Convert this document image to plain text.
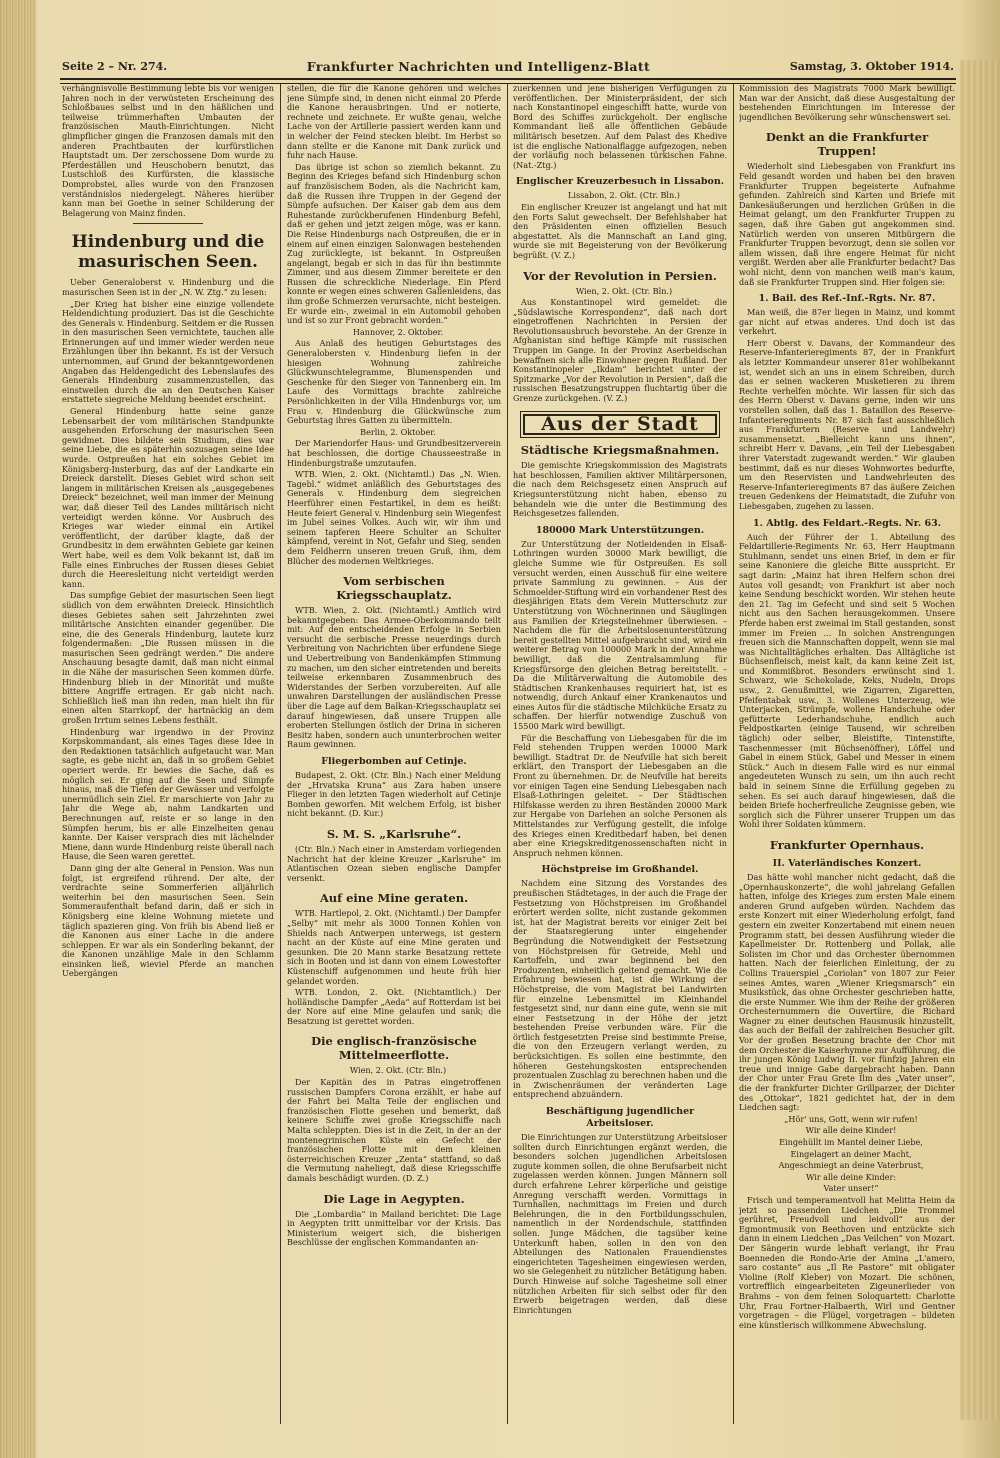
Seite 2 – Nr. 274.	Frankfurter Nachrichten und Intelligenz-Blatt	Samstag, 3. Oktober 1914.

verhängnisvolle Bestimmung lebte bis vor wenigen Jahren noch in der verwüsteten Erscheinung des Schloßbaues selbst und in den häßlichen und teilweise trümmerhaften Umbauten der französischen Mauth-Einrichtungen. Nicht glimpflicher gingen die Franzosen damals mit den anderen Prachtbauten der kurfürstlichen Hauptstadt um. Der zerschossene Dom wurde zu Pferdeställen und Heuschobern benutzt, das Lustschloß des Kurfürsten, die klassische Domprobstei, alles wurde von den Franzosen verständnislos niedergelegt. Näheres hierüber kann man bei Goethe in seiner Schilderung der Belagerung von Mainz finden.

Hindenburg und die masurischen Seen.

Ueber Generaloberst v. Hindenburg und die masurischen Seen ist in der „N. W. Ztg.“ zu lesen:

„Der Krieg hat bisher eine einzige vollendete Heldendichtung produziert. Das ist die Geschichte des Generals v. Hindenburg. Seitdem er die Russen in den masurischen Seen vernichtete, tauchen alle Erinnerungen auf und immer wieder werden neue Erzählungen über ihn bekannt. Es ist der Versuch unternommen, auf Grund der bekanntgewordenen Angaben das Heldengedicht des Lebenslaufes des Generals Hindenburg zusammenzustellen, das einstweilen durch die an den Deutschen Kaiser erstattete siegreiche Meldung beendet erscheint.

General Hindenburg hatte seine ganze Lebensarbeit der vom militärischen Standpunkte ausgehenden Erforschung der masurischen Seen gewidmet. Dies bildete sein Studium, dies war seine Liebe, die es späterhin sozusagen seine Idee wurde. Ostpreußen hat ein solches Gebiet im Königsberg-Insterburg, das auf der Landkarte ein Dreieck darstellt. Dieses Gebiet wird schon seit langem in militärischen Kreisen als „ausgegebenes Dreieck“ bezeichnet, weil man immer der Meinung war, daß dieser Teil des Landes militärisch nicht verteidigt werden könne. Vor Ausbruch des Krieges war wieder einmal ein Artikel veröffentlicht, der darüber klagte, daß der Grundbesitz in dem erwähnten Gebiete gar keinen Wert habe, weil es dem Volk bekannt ist, daß im Falle eines Einbruches der Russen dieses Gebiet durch die Heeresleitung nicht verteidigt werden kann.

Das sumpfige Gebiet der masurischen Seen liegt südlich von dem erwähnten Dreieck. Hinsichtlich dieses Gebietes sahen seit Jahrzehnten zwei militärische Ansichten einander gegenüber. Die eine, die des Generals Hindenburg, lautete kurz folgendermaßen: „Die Russen müssen in die masurischen Seen gedrängt werden.“ Die andere Anschauung besagte damit, daß man nicht einmal in die Nähe der masurischen Seen kommen dürfe. Hindenburg blieb in der Minorität und mußte bittere Angriffe ertragen. Er gab nicht nach. Schließlich ließ man ihn reden, man hielt ihn für einen alten Starrkopf, der hartnäckig an dem großen Irrtum seines Lebens festhält.

Hindenburg war irgendwo in der Provinz Korpskommandant, als eines Tages diese Idee in den Redaktionen tatsächlich aufgetaucht war. Man sagte, es gebe nicht an, daß in so großem Gebiet operiert werde. Er bewies die Sache, daß es möglich sei. Er ging auf die Seen und Sümpfe hinaus, maß die Tiefen der Gewässer und verfolgte unermüdlich sein Ziel. Er marschierte von Jahr zu Jahr die Wege ab, nahm Landkarten und Berechnungen auf, reiste er so lange in den Sümpfen herum, bis er alle Einzelheiten genau kannte. Der Kaiser versprach dies mit lächelnder Miene, dann wurde Hindenburg reiste überall nach Hause, die Seen waren gerettet.

Dann ging der alte General in Pension. Was nun folgt, ist ergreifend rührend. Der alte, der verdrachte seine Sommerferien alljährlich weiterhin bei den masurischen Seen. Sein Sommeraufenthalt befand darin, daß er sich in Königsberg eine kleine Wohnung mietete und täglich spazieren ging. Von früh bis Abend ließ er die Kanonen aus einer Lache in die andere schleppen. Er war als ein Sonderling bekannt, der die Kanonen unzählige Male in den Schlamm einsinken ließ, wieviel Pferde an manchen Uebergängen

stellen, die für die Kanone gehören und welches jene Sümpfe sind, in denen nicht einmal 20 Pferde die Kanone herausbringen. Und er notierte, rechnete und zeichnete. Er wußte genau, welche Lache von der Artillerie passiert werden kann und in welcher der Feind stecken bleibt. Im Herbst so dann stellte er die Kanone mit Dank zurück und fuhr nach Hause.

Das übrige ist schon so ziemlich bekannt. Zu Beginn des Krieges befand sich Hindenburg schon auf französischem Boden, als die Nachricht kam, daß die Russen ihre Truppen in der Gegend der Sümpfe aufsuchen. Der Kaiser gab dem aus dem Ruhestande zurückberufenen Hindenburg Befehl, daß er gehen und jetzt zeigen möge, was er kann. Die Reise Hindenburgs nach Ostpreußen, die er in einem auf einen einzigen Salonwagen bestehenden Zug zurücklegte, ist bekannt. In Ostpreußen angelangt, begab er sich in das für ihn bestimmte Zimmer, und aus diesem Zimmer bereitete er den Russen die schreckliche Niederlage. Ein Pferd konnte er wegen eines schweren Gallenleidens, das ihm große Schmerzen verursachte, nicht besteigen. Er wurde ein-, zweimal in ein Automobil gehoben und ist so zur Front gebracht worden.“

Hannover, 2. Oktober.

Aus Anlaß des heutigen Geburtstages des Generalobersten v. Hindenburg liefen in der hiesigen Wohnung zahlreiche Glückwunschtelegramme, Blumenspenden und Geschenke für den Sieger von Tannenberg ein. Im Laufe des Vormittags brachte zahlreiche Persönlichkeiten in der Villa Hindenburgs vor, um Frau v. Hindenburg die Glückwünsche zum Geburtstag ihres Gatten zu übermitteln.

Berlin, 2. Oktober.

Der Mariendorfer Haus- und Grundbesitzerverein hat beschlossen, die dortige Chausseestraße in Hindenburgstraße umzutaufen.

WTB. Wien, 2. Okt. (Nichtamtl.) Das „N. Wien. Tagebl.“ widmet anläßlich des Geburtstages des Generals v. Hindenburg dem siegreichen Heerführer einen Festartikel, in dem es heißt: Heute feiert General v. Hindenburg sein Wiegenfest im Jubel seines Volkes. Auch wir, wir ihm und seinem tapferen Heere Schulter an Schulter kämpfend, vereint in Not, Gefahr und Sieg, senden dem Feldherrn unseren treuen Gruß, ihm, dem Blücher des modernen Weltkrieges.

Vom serbischen Kriegsschauplatz.

WTB. Wien, 2. Okt. (Nichtamtl.) Amtlich wird bekanntgegeben: Das Armee-Oberkommando teilt mit: Auf den entscheidenden Erfolge in Serbien versucht die serbische Presse neuerdings durch Verbreitung von Nachrichten über erfundene Siege und Uebertreibung von Bandenkämpfen Stimmung zu machen, um den sicher eintretenden und bereits teilweise erkennbaren Zusammenbruch des Widerstandes der Serben vorzubereiten. Auf alle unwahren Darstellungen der ausländischen Presse über die Lage auf dem Balkan-Kriegsschauplatz sei darauf hingewiesen, daß unsere Truppen alle eroberten Stellungen östlich der Drina in sicheren Besitz haben, sondern auch ununterbrochen weiter Raum gewinnen.

Fliegerbomben auf Cetinje.

Budapest, 2. Okt. (Ctr. Bln.) Nach einer Meldung der „Hrvatska Kruna“ aus Zara haben unsere Flieger in den letzten Tagen wiederholt auf Cetinje Bomben geworfen. Mit welchem Erfolg, ist bisher nicht bekannt. (D. Kur.)

S. M. S. „Karlsruhe“.

(Ctr. Bln.) Nach einer in Amsterdam vorliegenden Nachricht hat der kleine Kreuzer „Karlsruhe“ im Atlantischen Ozean sieben englische Dampfer versenkt.

Auf eine Mine geraten.

WTB. Hartlepol, 2. Okt. (Nichtamtl.) Der Dampfer „Selby“ mit mehr als 3000 Tonnen Kohlen von Shields nach Antwerpen unterwegs, ist gestern nacht an der Küste auf eine Mine geraten und gesunken. Die 20 Mann starke Besatzung rettete sich in Booten und ist dann von einem Lowestofter Küstenschiff aufgenommen und heute früh hier gelandet worden.

WTB. London, 2. Okt. (Nichtamtlich.) Der holländische Dampfer „Aeda“ auf Rotterdam ist bei der Nore auf eine Mine gelaufen und sank; die Besatzung ist gerettet worden.

Die englisch-französische Mittelmeerflotte.

Wien, 2. Okt. (Ctr. Bln.)

Der Kapitän des in Patras eingetroffenen russischen Dampfers Corona erzählt, er habe auf der Fahrt bei Malta Teile der englischen und französischen Flotte gesehen und bemerkt, daß keinere Schiffe zwei große Kriegsschiffe nach Malta schleppten. Dies ist in die Zeit, in der an der montenegrinischen Küste ein Gefecht der französischen Flotte mit dem kleinen österreichischen Kreuzer „Zenta“ stattfand, so daß die Vermutung naheliegt, daß diese Kriegsschiffe damals beschädigt wurden. (D. Z.)

Die Lage in Aegypten.

Die „Lombardia“ in Mailand berichtet: Die Lage in Aegypten tritt unmittelbar vor der Krisis. Das Ministerium weigert sich, die bisherigen Beschlüsse der englischen Kommandanten an-

zuerkennen und jene bisherigen Verfügungen zu veröffentlichen. Der Ministerpräsident, der sich nach Konstantinopel eingeschifft hatte, wurde von Bord des Schiffes zurückgeholt. Der englische Kommandant ließ alle öffentlichen Gebäude militärisch besetzen. Auf dem Palast des Khedive ist die englische Nationalflagge aufgezogen, neben der vorläufig noch belassenen türkischen Fahne. (Nat.-Ztg.)

Englischer Kreuzerbesuch in Lissabon.

Lissabon, 2. Okt. (Ctr. Bln.)

Ein englischer Kreuzer ist angelangt und hat mit den Forts Salut gewechselt. Der Befehlshaber hat den Präsidenten einen offiziellen Besuch abgestattet. Als die Mannschaft an Land ging, wurde sie mit Begeisterung von der Bevölkerung begrüßt. (V. Z.)

Vor der Revolution in Persien.

Wien, 2. Okt. (Ctr. Bln.)

Aus Konstantinopel wird gemeldet: die „Südslawische Korrespondenz“, daß nach dort eingetroffenen Nachrichten in Persien der Revolutionsausbruch bevorstehe. An der Grenze in Afghanistan sind heftige Kämpfe mit russischen Truppen im Gange. In der Provinz Aserbeidschan bewaffnen sich alle Einwohner gegen Rußland. Der Konstantinopeler „Ikdam“ berichtet unter der Spitzmarke „Vor der Revolution in Persien“, daß die russischen Besatzungstruppen fluchtartig über die Grenze zurückgehen. (V. Z.)

Aus der Stadt
Städtische Kriegsmaßnahmen.

Die gemischte Kriegskommission des Magistrats hat beschlossen, Familien aktiver Militärpersonen, die nach dem Reichsgesetz einen Anspruch auf Kriegsunterstützung nicht haben, ebenso zu behandeln wie die unter die Bestimmung des Reichsgesetzes fallenden.

180000 Mark Unterstützungen.

Zur Unterstützung der Notleidenden in Elsaß-Lothringen wurden 30000 Mark bewilligt, die gleiche Summe wie für Ostpreußen. Es soll versucht werden, einen Ausschuß für eine weitere private Sammlung zu gewinnen. – Aus der Schmoelder-Stiftung wird ein vorhandener Rest des diesjährigen Etats dem Verein Mutterschutz zur Unterstützung von Wöchnerinnen und Säuglingen aus Familien der Kriegsteilnehmer überwiesen. – Nachdem die für die Arbeitslosenunterstützung bereit gestellten Mittel aufgebraucht sind, wird ein weiterer Betrag von 100000 Mark in der Annahme bewilligt, daß die Zentralsammlung für Kriegsfürsorge den gleichen Betrag bereitstellt. – Da die Militärverwaltung die Automobile des Städtischen Krankenhauses requiriert hat, ist es notwendig, durch Ankauf einer Krankenautos und eines Autos für die städtische Milchküche Ersatz zu schaffen. Der hierfür notwendige Zuschuß von 15500 Mark wird bewilligt.

Für die Beschaffung von Liebesgaben für die im Feld stehenden Truppen werden 10000 Mark bewilligt. Stadtrat Dr. de Neufville hat sich bereit erklärt, den Transport der Liebesgaben an die Front zu übernehmen. Dr. de Neufville hat bereits vor einigen Tagen eine Sendung Liebesgaben nach Elsaß-Lothringen geleitet. – Der Städtischen Hilfskasse werden zu ihren Beständen 20000 Mark zur Hergabe von Darlehen an solche Personen als Mittelstandes zur Verfügung gestellt, die infolge des Krieges einen Kreditbedarf haben, bei denen aber eine Kriegskreditgenossenschaften nicht in Anspruch nehmen können.

Höchstpreise im Großhandel.

Nachdem eine Sitzung des Vorstandes des preußischen Städtetages, in der auch die Frage der Festsetzung von Höchstpreisen im Großhandel erörtert werden sollte, nicht zustande gekommen ist, hat der Magistrat bereits vor einiger Zeit bei der Staatsregierung unter eingehender Begründung die Notwendigkeit der Festsetzung von Höchstpreisen für Getreide, Mehl und Kartoffeln, und zwar beginnend bei den Produzenten, einheitlich geltend gemacht. Wie die Erfahrung bewiesen hat, ist die Wirkung der Höchstpreise, die vom Magistrat bei Landwirten für einzelne Lebensmittel im Kleinhandel festgesetzt sind, nur dann eine gute, wenn sie mit einer Festsetzung in der Höhe der jetzt bestehenden Preise verbunden wäre. Für die örtlich festgesetzten Preise sind bestimmte Preise, die von den Erzeugern verlangt werden, zu berücksichtigen. Es sollen eine bestimmte, den höheren Gestehungskosten entsprechenden prozentualen Zuschlag zu berechnen haben und die in Zwischenräumen der veränderten Lage entsprechend abzuändern.

Beschäftigung jugendlicher Arbeitsloser.

Die Einrichtungen zur Unterstützung Arbeitsloser sollten durch Einrichtungen ergänzt werden, die besonders solchen jugendlichen Arbeitslosen zugute kommen sollen, die ohne Berufsarbeit nicht zugelassen werden können. Jungen Männern soll durch erfahrene Lehrer körperliche und geistige Anregung verschafft werden. Vormittags in Turnhallen, nachmittags im Freien und durch Belehrungen, die in den Fortbildungsschulen, namentlich in der Nordendschule, stattfinden sollen. Junge Mädchen, die tagsüber keine Unterkunft haben, sollen in den von den Abteilungen des Nationalen Frauendienstes eingerichteten Tagesheimen eingewiesen werden, wo sie Gelegenheit zu nützlicher Betätigung haben. Durch Hinweise auf solche Tagesheime soll einer nützlichen Arbeiten für sich selbst oder für den Erwerb beigetragen werden, daß diese Einrichtungen

Kommission des Magistrats 7000 Mark bewilligt. Man war der Ansicht, daß diese Ausgestaltung der bestehenden Einrichtungen im Interesse der jugendlichen Bevölkerung sehr wünschenswert sei.

Denkt an die Frankfurter Truppen!

Wiederholt sind Liebesgaben von Frankfurt ins Feld gesandt worden und haben bei den braven Frankfurter Truppen begeisterte Aufnahme gefunden. Zahlreich sind Karten und Briefe mit Dankesäußerungen und herzlichen Grüßen in die Heimat gelangt, um den Frankfurter Truppen zu sagen, daß ihre Gaben gut angekommen sind. Natürlich werden von unseren Mitbürgern die Frankfurter Truppen bevorzugt, denn sie sollen vor allem wissen, daß ihre engere Heimat für nicht vergißt. Werden aber alle Frankfurter bedacht? Das wohl nicht, denn von manchen weiß man's kaum, daß sie Frankfurter Truppen sind. Hier folgen sie:

1. Bail. des Ref.-Inf.-Rgts. Nr. 87.

Man weiß, die 87er liegen in Mainz, und kommt gar nicht auf etwas anderes. Und doch ist das verkehrt.

Herr Oberst v. Davans, der Kommandeur des Reserve-Infanterieregiments 87, der in Frankfurt als letzter Kommandeur unserer 81er wohlbekannt ist, wendet sich an uns in einem Schreiben, durch das er seinen wackeren Musketieren zu ihrem Rechte verhelfen möchte. Wir lassen für sich das des Herrn Oberst v. Davans gerne, inden wir uns vorstellen sollen, daß das 1. Bataillon des Reserve-Infanterieregiments Nr. 87 sich fast ausschließlich aus Frankfurtern (Reserve und Landwehr) zusammensetzt. „Bielleicht kann uns ihnen“, schreibt Herr v. Davans, „ein Teil der Liebesgaben ihrer Vaterstadt zugewandt werden.“ Wir glauben bestimmt, daß es nur dieses Wohnwortes bedurfte, um den Reservisten und Landwehrleuten des Reserve-Infanterieregiments 87 das äußere Zeichen treuen Gedenkens der Heimatstadt, die Zufuhr von Liebesgaben, zugehen zu lassen.

1. Abtlg. des Feldart.-Regts. Nr. 63.

Auch der Führer der 1. Abteilung des Feldartillerie-Regiments Nr. 63, Herr Hauptmann Stuhlmann, sendet uns einen Brief, in dem er für seine Kanoniere die gleiche Bitte ausspricht. Er sagt darin: „Mainz hat ihren Helfern schon drei Autos voll gesandt; von Frankfurt ist aber noch keine Sendung beschickt worden. Wir stehen heute den 21. Tag im Gefecht und sind seit 5 Wochen nicht aus den Sachen herausgekommen. Unsere Pferde haben erst zweimal im Stall gestanden, sonst immer im Freien ... In solchen Anstrengungen freuen sich die Mannschaften doppelt, wenn sie mal was Nichtalltägliches erhalten. Das Alltägliche ist Büchsenfleisch, meist kalt, da kann keine Zeit ist, und Kommißbrot. Besonders erwünscht sind 1. Schwarz, wie Schokolade, Keks, Nudeln, Drops usw., 2. Genußmittel, wie Zigarren, Zigaretten, Pfeifentabak usw., 3. Wollenes Unterzeug, wie Unterjacken, Strümpfe, wollene Handschuhe oder gefütterte Lederhandschuhe, endlich auch Feldpostkarten (einige Tausend, wir schreiben täglich) oder selber, Bleistifte, Tintenstifte, Taschenmesser (mit Büchsenöffner), Löffel und Gabel in einem Stück, Gabel und Messer in einem Stück.“ Auch in diesem Falle wird es nur einmal angedeuteten Wunsch zu sein, um ihn auch recht bald in seinem Sinne die Erfüllung gegeben zu sehen. Es sei auch darauf hingewiesen, daß die beiden Briefe hocherfreuliche Zeugnisse geben, wie sorglich sich die Führer unserer Truppen um das Wohl ihrer Soldaten kümmern.

Frankfurter Opernhaus.
II. Vaterländisches Konzert.

Das hätte wohl mancher nicht gedacht, daß die „Opernhauskonzerte“, die wohl jahrelang Gefallen hatten, infolge des Krieges zum ersten Male einem anderen Grund aufgeben würden. Nachdem das erste Konzert mit einer Wiederholung erfolgt, fand gestern ein zweiter Konzertabend mit einem neuen Programm statt, bei dessen Ausführung wieder die Kapellmeister Dr. Rottenberg und Pollak, alle Solisten im Chor und das Orchester übernommen hatten. Nach der feierlichen Einleitung, der zu Collins Trauerspiel „Coriolan“ von 1807 zur Feier seines Amtes, waren „Wiener Kriegsmarsch“ ein Musikstück, das ohne Orchester geschrieben hatte, die erste Nummer. Wie ihm der Reihe der größeren Orchesternummern die Ouvertüre, die Richard Wagner zu einer deutschen Hausmusik hinzustellt, das auch der Beifall der zahlreichen Besucher gilt. Vor der großen Besetzung brachte der Chor mit dem Orchester die Kaiserhymne zur Aufführung, die ihr jungen König Ludwig II. vor fünfzig Jahren ein treue und innige Gabe dargebracht haben. Dann der Chor unter Frau Grete Ilm des „Vater unser“, die der frankfurter Dichter Grillparzer, der Dichter des „Ottokar“, 1821 gedichtet hat, der in dem Liedchen sagt:

„Hör' uns, Gott, wenn wir rufen!

Wir alle deine Kinder!

Eingehüllt im Mantel deiner Liebe,

Eingelagert an deiner Macht,

Angeschmiegt an deine Vaterbrust,

Wir alle deine Kinder:

Vater unser!“

Frisch und temperamentvoll hat Melitta Heim da jetzt so passenden Liedchen „Die Trommel gerühret, Freudvoll und leidvoll“ aus der Egmontmusik von Beethoven und entzückte sich dann in einem Liedchen „Das Veilchen“ von Mozart. Der Sängerin wurde lebhaft verlangt, ihr Frau Boenneden die Rondo-Arie der Amina „L'amero, saro costante“ aus „Il Re Pastore“ mit obligater Violine (Rolf Kleber) von Mozart. Die schönen, vortrefflich eingearbeiteten Zigeunerlieder von Brahms – von dem feinen Soloquartett: Charlotte Uhr, Frau Fortner-Halbaerth, Wirl und Gentner vorgetragen – die Flügel, vorgetragen – bildeten eine künstlerisch willkommene Abwechslung.
